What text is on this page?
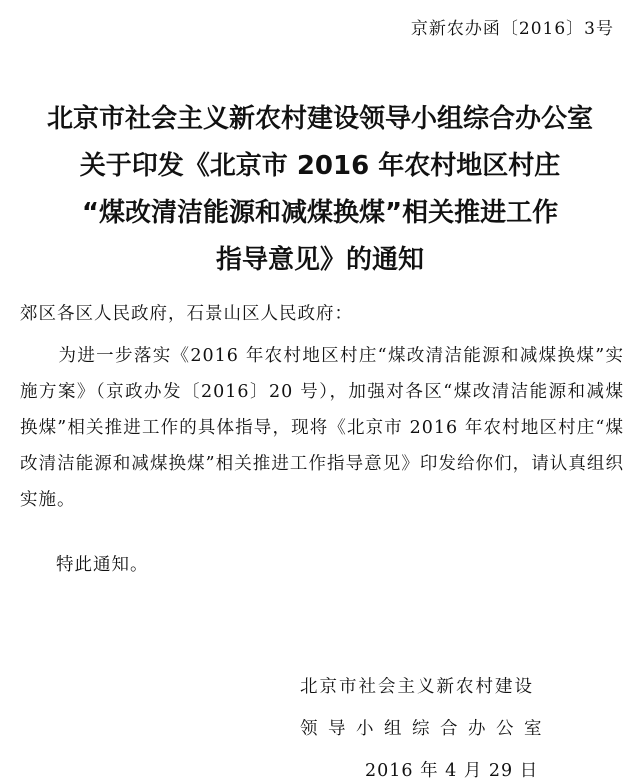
京新农办函〔2016〕3号
北京市社会主义新农村建设领导小组综合办公室
关于印发《北京市 2016 年农村地区村庄
“煤改清洁能源和减煤换煤”相关推进工作
指导意见》的通知
郊区各区人民政府，石景山区人民政府：
为进一步落实《2016 年农村地区村庄“煤改清洁能源和减煤换煤”实施方案》（京政办发〔2016〕20 号），加强对各区“煤改清洁能源和减煤换煤”相关推进工作的具体指导，现将《北京市 2016 年农村地区村庄“煤改清洁能源和减煤换煤”相关推进工作指导意见》印发给你们，请认真组织实施。
特此通知。
北京市社会主义新农村建设
领导小组综合办公室
2016 年 4 月 29 日
